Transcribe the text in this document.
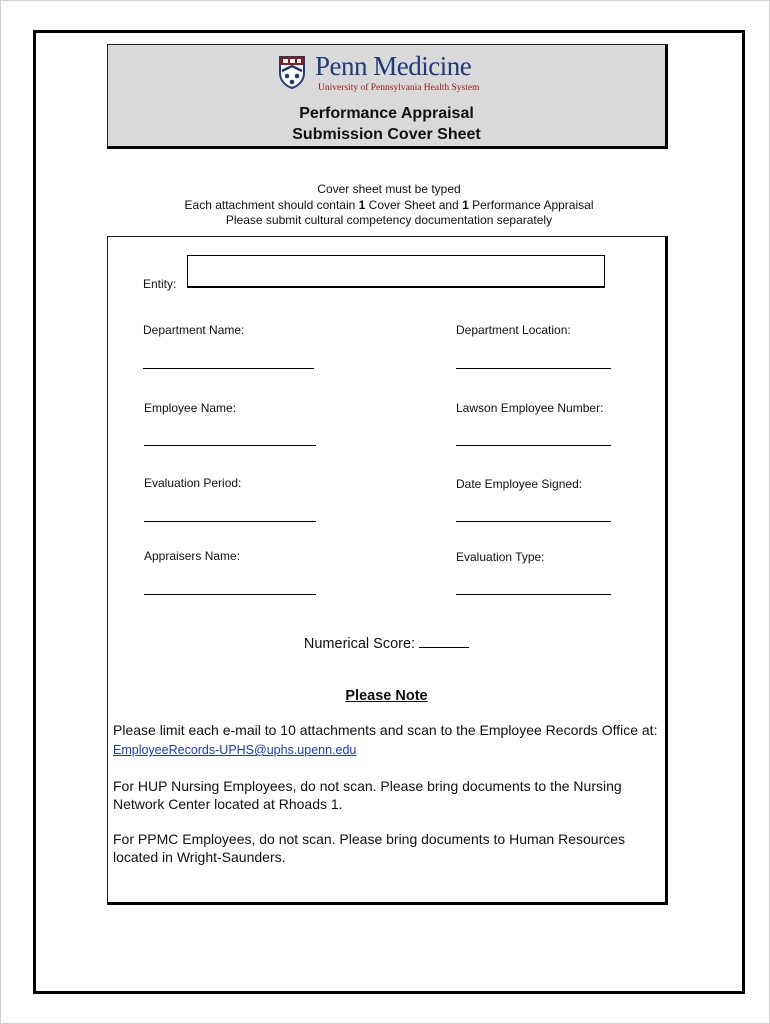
Penn Medicine
University of Pennsylvania Health System
Performance Appraisal
Submission Cover Sheet
Cover sheet must be typed
Each attachment should contain 1 Cover Sheet and 1 Performance Appraisal
Please submit cultural competency documentation separately
Entity:
Department Name:	Department Location:
Employee Name:	Lawson Employee Number:
Evaluation Period:	Date Employee Signed:
Appraisers Name:	Evaluation Type:
Numerical Score:
Please Note
Please limit each e-mail to 10 attachments and scan to the Employee Records Office at:
EmployeeRecords-UPHS@uphs.upenn.edu
For HUP Nursing Employees, do not scan. Please bring documents to the Nursing Network Center located at Rhoads 1.
For PPMC Employees, do not scan. Please bring documents to Human Resources located in Wright-Saunders.
